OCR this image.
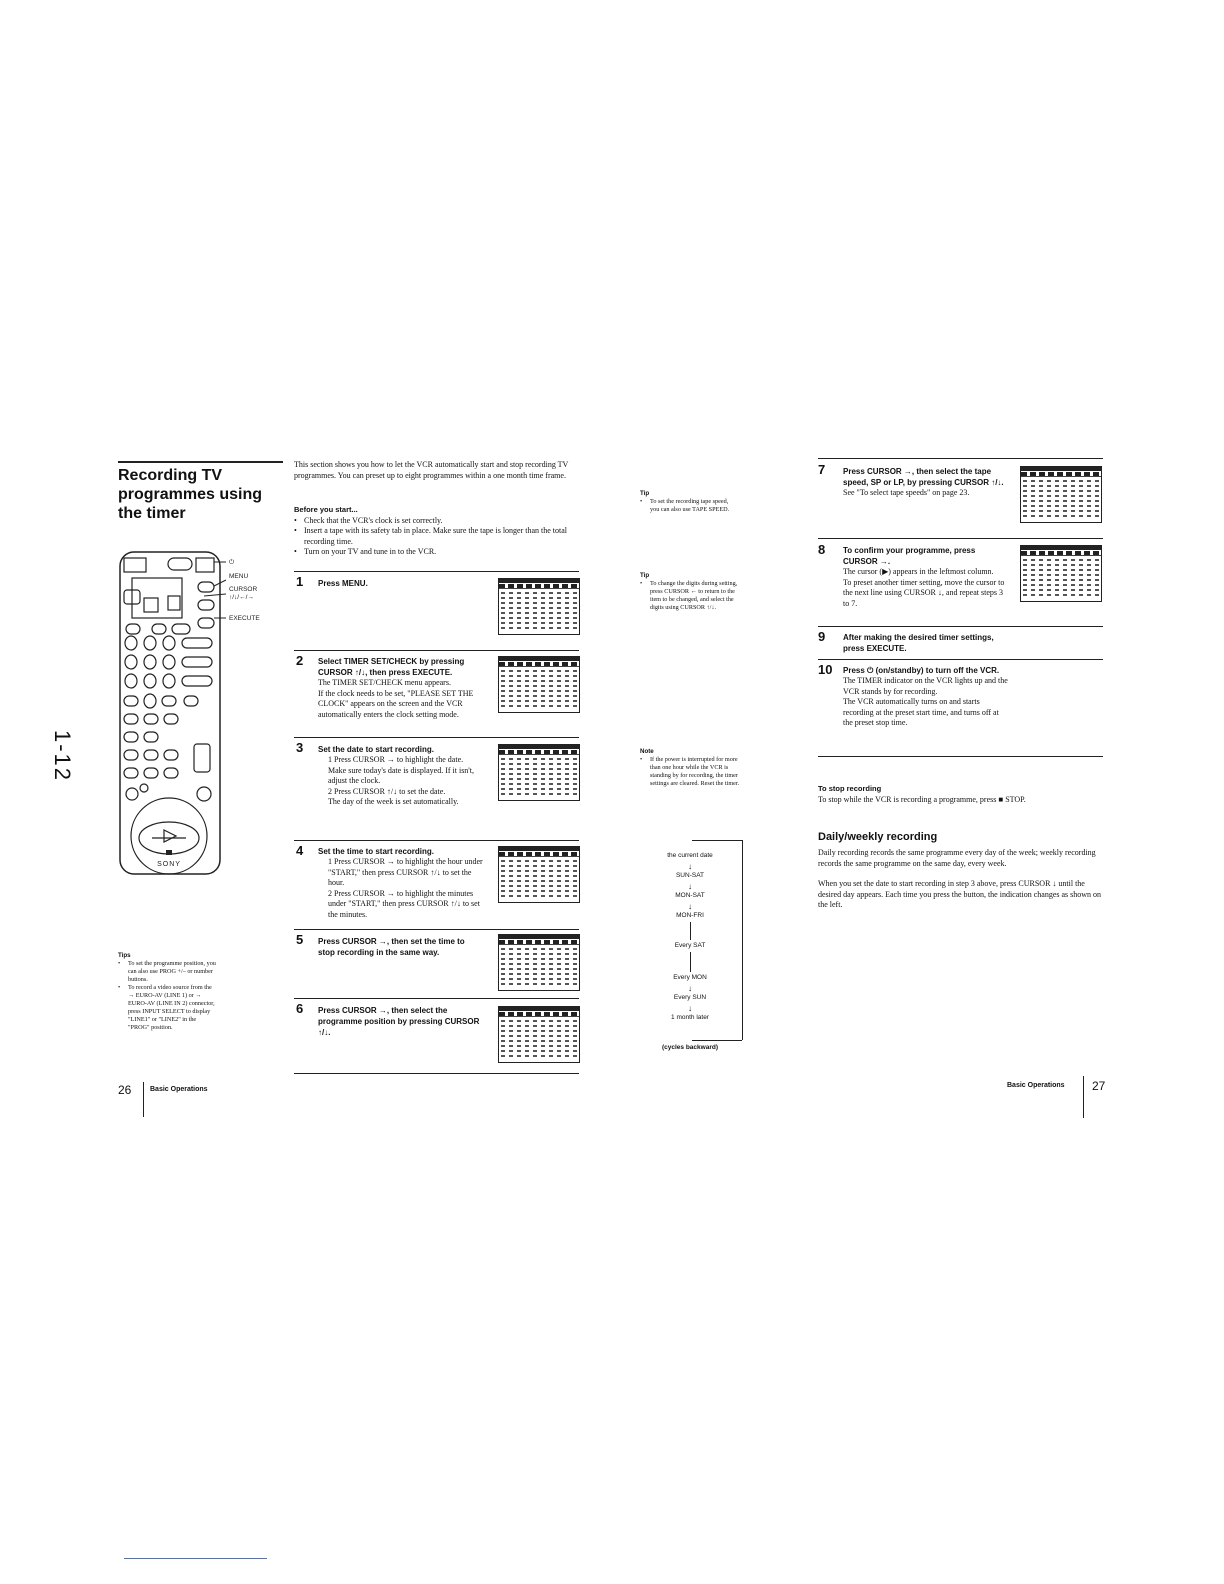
Recording TV programmes using the timer
1-12
SONY
⏻
MENU
CURSOR
↑/↓/←/→
EXECUTE
Tips
• To set the programme position, you can also use PROG +/– or number buttons.
• To record a video source from the → EURO-AV (LINE 1) or → EURO-AV (LINE IN 2) connector, press INPUT SELECT to display "LINE1" or "LINE2" in the "PROG" position.
26	Basic Operations
This section shows you how to let the VCR automatically start and stop recording TV programmes. You can preset up to eight programmes within a one month time frame.
Before you start...
• Check that the VCR's clock is set correctly.
• Insert a tape with its safety tab in place. Make sure the tape is longer than the total recording time.
• Turn on your TV and tune in to the VCR.
1 Press MENU.
2 Select TIMER SET/CHECK by pressing CURSOR ↑/↓, then press EXECUTE.
The TIMER SET/CHECK menu appears.
If the clock needs to be set, "PLEASE SET THE CLOCK" appears on the screen and the VCR automatically enters the clock setting mode.
3 Set the date to start recording.
1 Press CURSOR → to highlight the date.
Make sure today's date is displayed. If it isn't, adjust the clock.
2 Press CURSOR ↑/↓ to set the date.
The day of the week is set automatically.
4 Set the time to start recording.
1 Press CURSOR → to highlight the hour under "START," then press CURSOR ↑/↓ to set the hour.
2 Press CURSOR → to highlight the minutes under "START," then press CURSOR ↑/↓ to set the minutes.
5 Press CURSOR →, then set the time to stop recording in the same way.
6 Press CURSOR →, then select the programme position by pressing CURSOR ↑/↓.
Tip
• To set the recording tape speed, you can also use TAPE SPEED.
Tip
• To change the digits during setting, press CURSOR ← to return to the item to be changed, and select the digits using CURSOR ↑/↓.
Note
• If the power is interrupted for more than one hour while the VCR is standing by for recording, the timer settings are cleared. Reset the timer.
the current date
↓
SUN-SAT
↓
MON-SAT
↓
MON-FRI
Every SAT
Every MON
↓
Every SUN
↓
1 month later
(cycles backward)
7 Press CURSOR →, then select the tape speed, SP or LP, by pressing CURSOR ↑/↓.
See "To select tape speeds" on page 23.
8 To confirm your programme, press CURSOR →.
The cursor (▶) appears in the leftmost column.
To preset another timer setting, move the cursor to the next line using CURSOR ↓, and repeat steps 3 to 7.
9 After making the desired timer settings, press EXECUTE.
10 Press ⏻ (on/standby) to turn off the VCR.
The TIMER indicator on the VCR lights up and the VCR stands by for recording.
The VCR automatically turns on and starts recording at the preset start time, and turns off at the preset stop time.
To stop recording
To stop while the VCR is recording a programme, press ■ STOP.
Daily/weekly recording
Daily recording records the same programme every day of the week; weekly recording records the same programme on the same day, every week.
When you set the date to start recording in step 3 above, press CURSOR ↓ until the desired day appears. Each time you press the button, the indication changes as shown on the left.
Basic Operations 27
